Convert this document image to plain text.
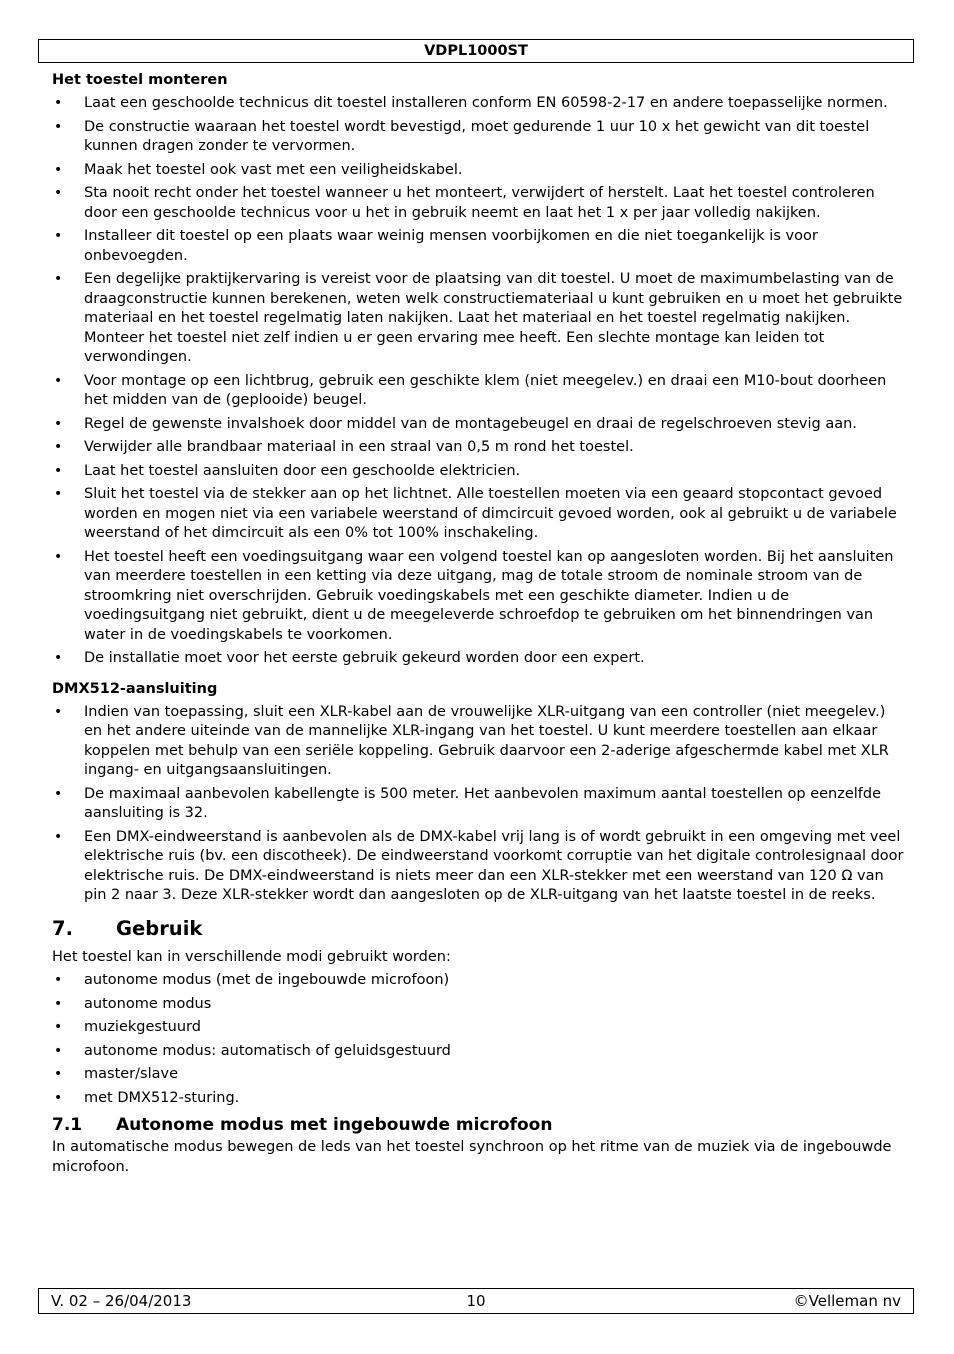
VDPL1000ST

Het toestel monteren

• Laat een geschoolde technicus dit toestel installeren conform EN 60598-2-17 en andere toepasselijke normen.
• De constructie waaraan het toestel wordt bevestigd, moet gedurende 1 uur 10 x het gewicht van dit toestel kunnen dragen zonder te vervormen.
• Maak het toestel ook vast met een veiligheidskabel.
• Sta nooit recht onder het toestel wanneer u het monteert, verwijdert of herstelt. Laat het toestel controleren door een geschoolde technicus voor u het in gebruik neemt en laat het 1 x per jaar volledig nakijken.
• Installeer dit toestel op een plaats waar weinig mensen voorbijkomen en die niet toegankelijk is voor onbevoegden.
• Een degelijke praktijkervaring is vereist voor de plaatsing van dit toestel. U moet de maximumbelasting van de draagconstructie kunnen berekenen, weten welk constructiemateriaal u kunt gebruiken en u moet het gebruikte materiaal en het toestel regelmatig laten nakijken. Laat het materiaal en het toestel regelmatig nakijken. Monteer het toestel niet zelf indien u er geen ervaring mee heeft. Een slechte montage kan leiden tot verwondingen.
• Voor montage op een lichtbrug, gebruik een geschikte klem (niet meegelev.) en draai een M10-bout doorheen het midden van de (geplooide) beugel.
• Regel de gewenste invalshoek door middel van de montagebeugel en draai de regelschroeven stevig aan.
• Verwijder alle brandbaar materiaal in een straal van 0,5 m rond het toestel.
• Laat het toestel aansluiten door een geschoolde elektricien.
• Sluit het toestel via de stekker aan op het lichtnet. Alle toestellen moeten via een geaard stopcontact gevoed worden en mogen niet via een variabele weerstand of dimcircuit gevoed worden, ook al gebruikt u de variabele weerstand of het dimcircuit als een 0% tot 100% inschakeling.
• Het toestel heeft een voedingsuitgang waar een volgend toestel kan op aangesloten worden. Bij het aansluiten van meerdere toestellen in een ketting via deze uitgang, mag de totale stroom de nominale stroom van de stroomkring niet overschrijden. Gebruik voedingskabels met een geschikte diameter. Indien u de voedingsuitgang niet gebruikt, dient u de meegeleverde schroefdop te gebruiken om het binnendringen van water in de voedingskabels te voorkomen.
• De installatie moet voor het eerste gebruik gekeurd worden door een expert.

DMX512-aansluiting

• Indien van toepassing, sluit een XLR-kabel aan de vrouwelijke XLR-uitgang van een controller (niet meegelev.) en het andere uiteinde van de mannelijke XLR-ingang van het toestel. U kunt meerdere toestellen aan elkaar koppelen met behulp van een seriële koppeling. Gebruik daarvoor een 2-aderige afgeschermde kabel met XLR ingang- en uitgangsaansluitingen.
• De maximaal aanbevolen kabellengte is 500 meter. Het aanbevolen maximum aantal toestellen op eenzelfde aansluiting is 32.
• Een DMX-eindweerstand is aanbevolen als de DMX-kabel vrij lang is of wordt gebruikt in een omgeving met veel elektrische ruis (bv. een discotheek). De eindweerstand voorkomt corruptie van het digitale controlesignaal door elektrische ruis. De DMX-eindweerstand is niets meer dan een XLR-stekker met een weerstand van 120 Ω van pin 2 naar 3. Deze XLR-stekker wordt dan aangesloten op de XLR-uitgang van het laatste toestel in de reeks.
7.	Gebruik

Het toestel kan in verschillende modi gebruikt worden:

• autonome modus (met de ingebouwde microfoon)
• autonome modus
• muziekgestuurd
• autonome modus: automatisch of geluidsgestuurd
• master/slave
• met DMX512-sturing.
7.1	Autonome modus met ingebouwde microfoon

In automatische modus bewegen de leds van het toestel synchroon op het ritme van de muziek via de ingebouwde microfoon.

10
V. 02 – 26/04/2013	©Velleman nv
